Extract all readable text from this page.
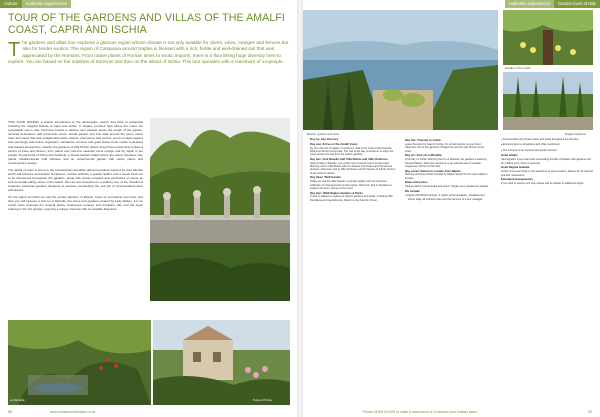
Culture	Authentic experiences
TOUR OF THE GARDENS AND VILLAS OF THE AMALFI COAST, CAPRI AND ISCHIA
The gardens and villas tour explores a glorious region whose climate is not only suitable for olives, vines, oranges and lemons but also for tender exotics. The region of Campania around Naples is blessed with a rich, fertile and well-drained soil that was appreciated by the Romans. From native plants of Roman times to exotic imports, there is a flourishing huge diversity here to explore. You are based on the outskirts of Sorrento and then on the island of Ischia. This tour operates with a maximum of 14-people.

THIS TOUR OFFERS a classic introduction to the landscapes, history and flora of Campania including the magical islands of Capri and Ischia. In Naples, perched high above the coast, the remarkable site is villa Cimbrone boasts a sublime vast parapet above the length of the garden, terraced belvederes with panoramic views; ornate garden and tree walk around the piece, plane trees and views that look straight with palms, lizards, phormiums and yuccas. An air of slight neglect and seemingly wild native vegetation, handsome terraces and giant flower beds create a pleasing and relaxed atmosphere. Nearby the gardens of Villa Rufolo deliver long three-terrace that contain a variety of trees and flowers, from palms and yucca to steamed scent orange and fig. Again is the private Tenuta Forla of Pietro and Gabriele, a Grand Garden Italian where the artists introduce rare plants. Mediterranean mild climates and an experimental garden with native plants and contemporary design.

The island of Capri is home to the extraordinary beautiful villa and gardens inspired by Axel Munthe which still enhance and delight. Sculptures, ancient artifacts, a granite Sphinx and a Greek tomb are to be discovered throughout the gardens, along with shady pergolas and spectacles of colour as well as breath-taking views of the island. We can accompanied on a walking tour of the Giardini di Augustus botanical gardens designed to terraces overlooking the sea full of ornamentals/exotics and flowers.

On the island of Ischia we visit the private gardens of Ravino, home to succulents and cacti, and then you will treasure a visit to La Mortella, the home and gardens created by Lady Walton. It is an exotic oasis amongst the tropical plants, buttressed terraces and fountains. We end the week relaxing in the hot springs, enjoying a unique immerse with an amiable fragrance.

Villa Cimbrone
La Mortella	Punta di Ponte
20	www.reidstravelholidays.co.uk
Authentic experiences	Garden tours of Italy
Ravino, garden and view
Garden of the Gods
Naples Gardens
Day by day itinerary
Day one: Arrive on the Amalfi Coast

Fly from the UK to Naples. Transfer by road to the hotel at Sant'Agnello. Welcome dinner at the hotel. The rest of the day is at leisure to enjoy the views across the bay from the hotel's gardens.

Day two: Visit Ravello with Villa Rufolo and Villa Cimbrone

Spend today in Ravello, one of the most romantic towns on the coast. Morning visit to Villa Rufolo with its cloisters and towers and the famous terraces. Afternoon visit to Villa Cimbrone and its Terrace of Infinity. Return to the hotel for dinner.

Day three: Wolf Garden

Today we visit the Wolf Garden, a private garden with an extensive collection of ornamental and exotic plants. Afternoon free in Positano to explore the lanes. Dinner at the hotel.

Day four: Walk Naples Gardens & Parks

Travel to Naples to explore its historic gardens and parks, including Villa Floridiana and Capodimonte. Return to the hotel for dinner.

Day five: Transfer to Ischia

Leave Sorrento by boat for Ischia. On arrival transfer to your hotel. Afternoon visit to the gardens of Negombo and the spa. Dinner at the hotel.

Day six: Visit of La Mortella

A full day on Ischia. Morning visit to La Mortella, the gardens created by Susana Walton. Afternoon at leisure or an optional visit to Castello Aragonese. Dinner at the hotel.

Day seven: Return to London from Naples

Morning at leisure before transfer to Naples airport for the return flight to London.

Dates and prices

Please call for current dates and prices. Single room supplement applies.

We include

■ Flights with British Airways, 6 nights' accommodation, breakfast and dinner daily, all entrance fees and the services of a tour manager.

■ Transportation by private coach and boats throughout the itinerary.

■ Entrance fees to all gardens and villas mentioned.

■ The services of an experienced garden lecturer.

Hotel details

Sant'Agnello: a four-star hotel overlooking the Bay of Naples with gardens and an outdoor pool, close to Sorrento.

Hotel Regina Isabella

Ischia: a five-star hotel on the waterfront at Lacco Ameno, famous for its thermal spa and restaurants.

Extended arrangements

If you wish to extend your stay please ask for details of additional nights.

Phone 01903 611000 to make a reservation or to discuss your holiday plans	21
